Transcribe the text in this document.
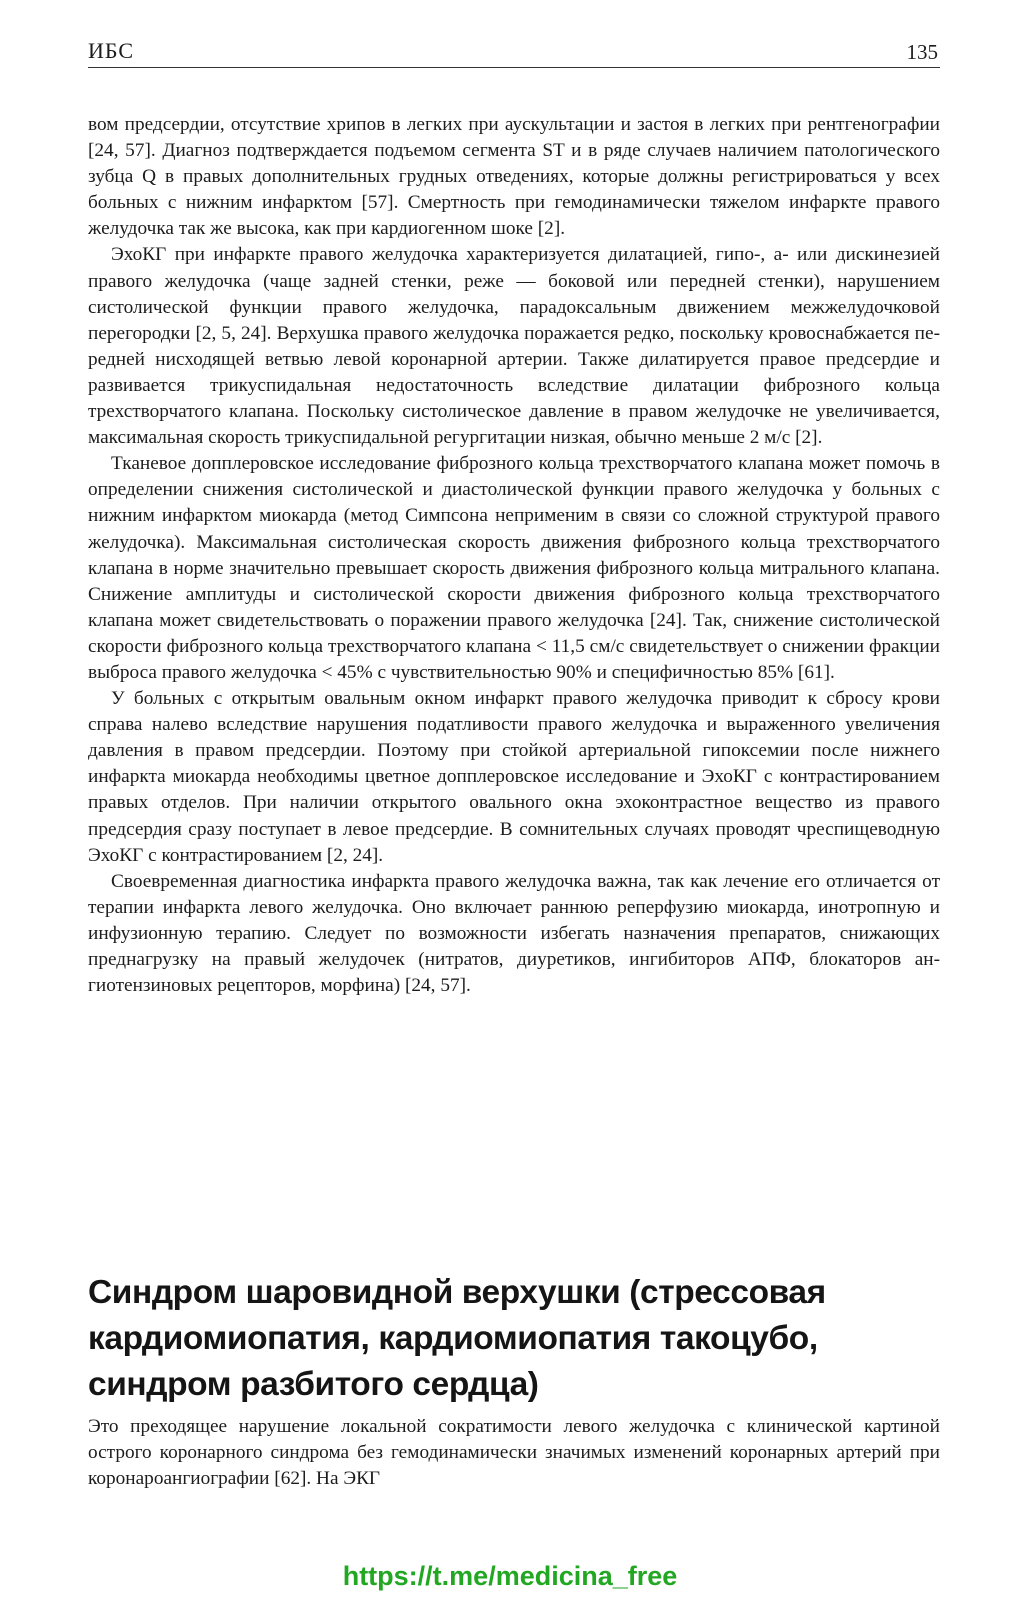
ИБС	135

вом предсердии, отсутствие хрипов в легких при аускультации и застоя в легких при рентгенографии [24, 57]. Диагноз подтверждается подъемом сегмента ST и в ряде случаев наличием патологического зубца Q в правых дополнительных грудных отведениях, которые должны регистрироваться у всех больных с нижним инфарктом [57]. Смертность при гемодинамически тяжелом инфаркте правого желудочка так же высока, как при кардиогенном шоке [2].

ЭхоКГ при инфаркте правого желудочка характеризуется дилатацией, гипо-, а- или дискинезией правого желудочка (чаще задней стенки, реже — боковой или передней стенки), нарушением систолической функции правого желудочка, парадоксальным движением межжелудочковой перегородки [2, 5, 24]. Верхушка правого желудочка поражается редко, поскольку кровоснабжается передней нисходящей ветвью левой коронарной артерии. Также дилатируется правое предсердие и развивается трикуспидальная недостаточность вследствие дилатации фиброзного кольца трехстворчатого клапана. Поскольку систолическое давление в правом желудочке не увеличивается, максимальная скорость трикуспидальной регургитации низкая, обычно меньше 2 м/с [2].

Тканевое допплеровское исследование фиброзного кольца трехстворчатого клапана может помочь в определении снижения систолической и диастолической функции правого желудочка у больных с нижним инфарктом миокарда (метод Симпсона неприменим в связи со сложной структурой правого желудочка). Максимальная систолическая скорость движения фиброзного кольца трехстворчатого клапана в норме значительно превышает скорость движения фиброзного кольца митрального клапана. Снижение амплитуды и систолической скорости движения фиброзного кольца трехстворчатого клапана может свидетельствовать о поражении правого желудочка [24]. Так, снижение систолической скорости фиброзного кольца трехстворчатого клапана < 11,5 см/с свидетельствует о снижении фракции выброса правого желудочка < 45% с чувствительностью 90% и специфичностью 85% [61].

У больных с открытым овальным окном инфаркт правого желудочка приводит к сбросу крови справа налево вследствие нарушения податливости правого желудочка и выраженного увеличения давления в правом предсердии. Поэтому при стойкой артериальной гипоксемии после нижнего инфаркта миокарда необходимы цветное допплеровское исследование и ЭхоКГ с контрастированием правых отделов. При наличии открытого овального окна эхоконтрастное вещество из правого предсердия сразу поступает в левое предсердие. В сомнительных случаях проводят чреспищеводную ЭхоКГ с контрастированием [2, 24].

Своевременная диагностика инфаркта правого желудочка важна, так как лечение его отличается от терапии инфаркта левого желудочка. Оно включает раннюю реперфузию миокарда, инотропную и инфузионную терапию. Следует по возможности избегать назначения препаратов, снижающих преднагрузку на правый желудочек (нитратов, диуретиков, ингибиторов АПФ, блокаторов ангиотензиновых рецепторов, морфина) [24, 57].

Синдром шаровидной верхушки (стрессовая кардиомиопатия, кардиомиопатия такоцубо, синдром разбитого сердца)

Это преходящее нарушение локальной сократимости левого желудочка с клинической картиной острого коронарного синдрома без гемодинамически значимых изменений коронарных артерий при коронароангиографии [62]. На ЭКГ

https://t.me/medicina_free
